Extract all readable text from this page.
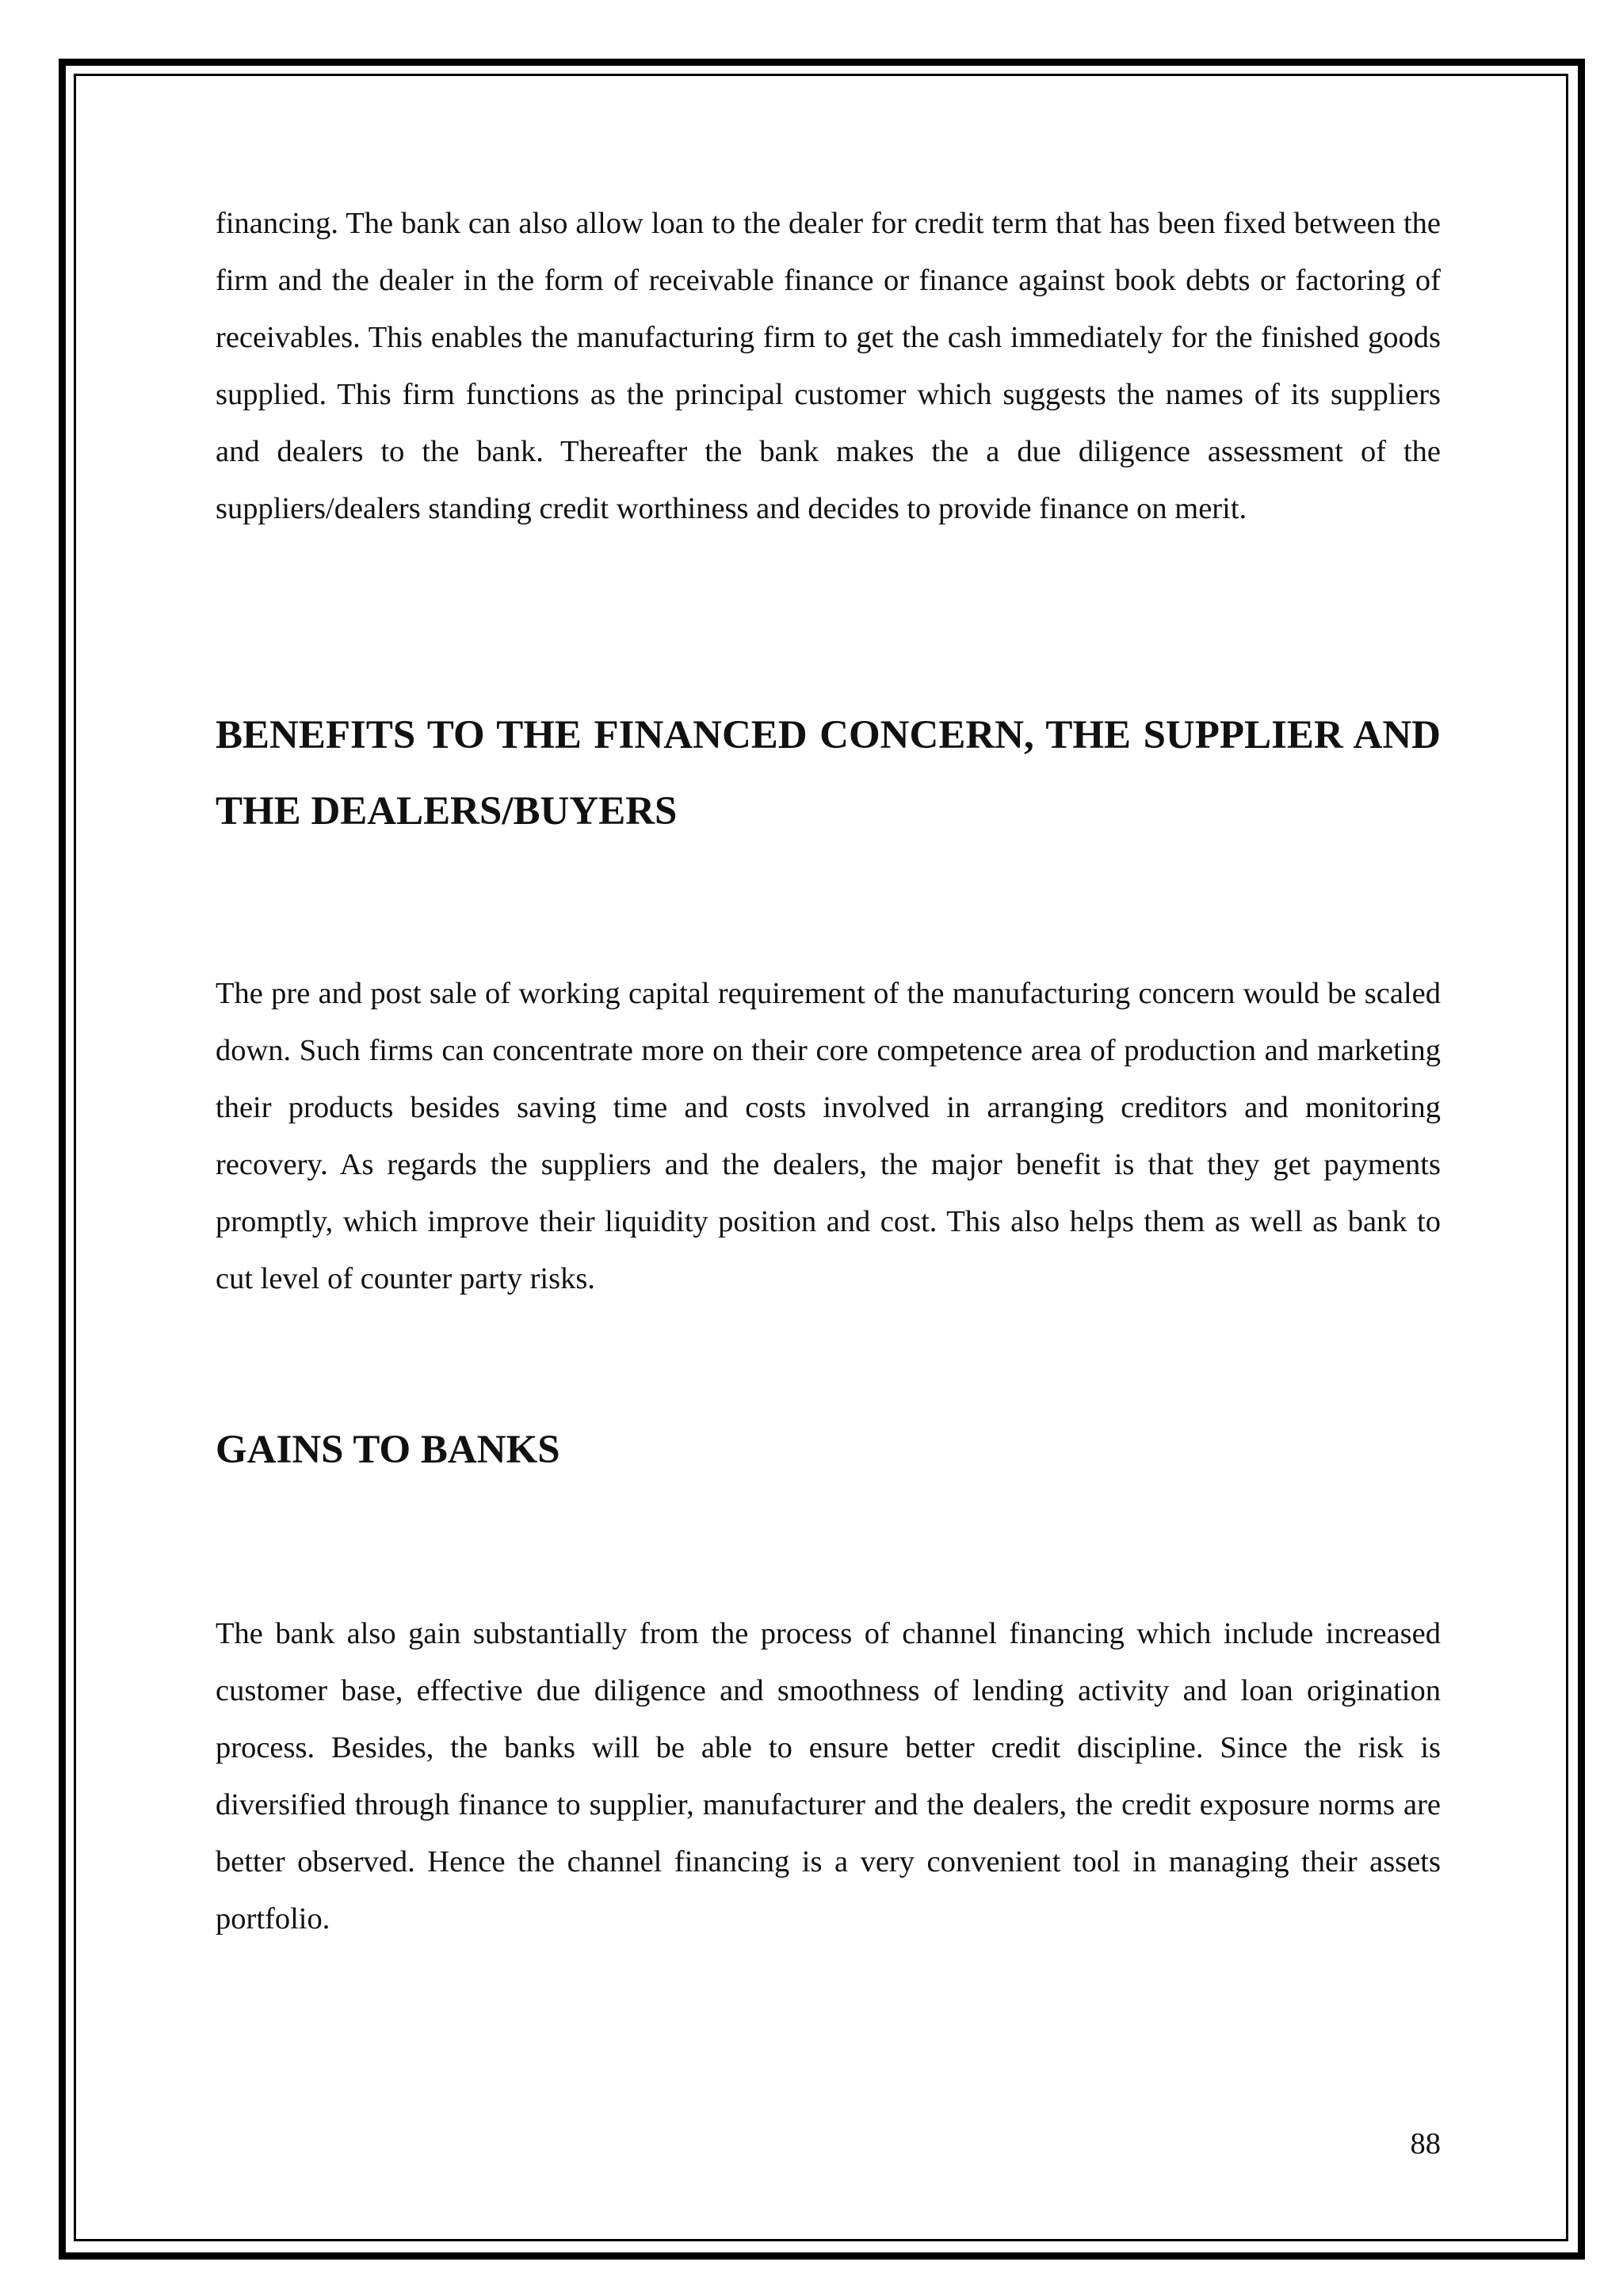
financing. The bank can also allow loan to the dealer for credit term that has been fixed between the firm and the dealer in the form of receivable finance or finance against book debts or factoring of receivables. This enables the manufacturing firm to get the cash immediately for the finished goods supplied. This firm functions as the principal customer which suggests the names of its suppliers and dealers to the bank. Thereafter the bank makes the a due diligence assessment of the suppliers/dealers standing credit worthiness and decides to provide finance on merit.

BENEFITS TO THE FINANCED CONCERN, THE SUPPLIER AND THE DEALERS/BUYERS

The pre and post sale of working capital requirement of the manufacturing concern would be scaled down. Such firms can concentrate more on their core competence area of production and marketing their products besides saving time and costs involved in arranging creditors and monitoring recovery. As regards the suppliers and the dealers, the major benefit is that they get payments promptly, which improve their liquidity position and cost. This also helps them as well as bank to cut level of counter party risks.

GAINS TO BANKS

The bank also gain substantially from the process of channel financing which include increased customer base, effective due diligence and smoothness of lending activity and loan origination process. Besides, the banks will be able to ensure better credit discipline. Since the risk is diversified through finance to supplier, manufacturer and the dealers, the credit exposure norms are better observed. Hence the channel financing is a very convenient tool in managing their assets portfolio.

88
